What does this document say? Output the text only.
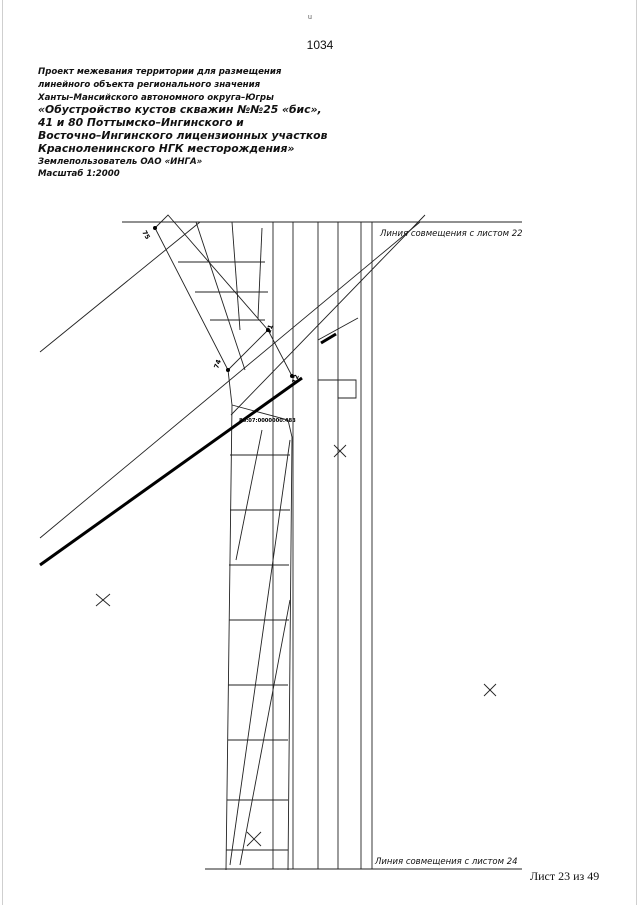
u
1034
Проект межевания территории для размещения
линейного объекта регионального значения
Ханты–Мансийского автономного округа–Югры
«Обустройство кустов скважин №№25 «бис»,
41 и 80 Поттымско–Ингинского и
Восточно–Ингинского лицензионных участков
Красноленинского НГК месторождения»
Землепользователь ОАО «ИНГА»
Масштаб 1:2000
75
11
74
12
86:07:0000000:483
Линия совмещения с листом 22
Линия совмещения с листом 24
Лист 23 из 49
